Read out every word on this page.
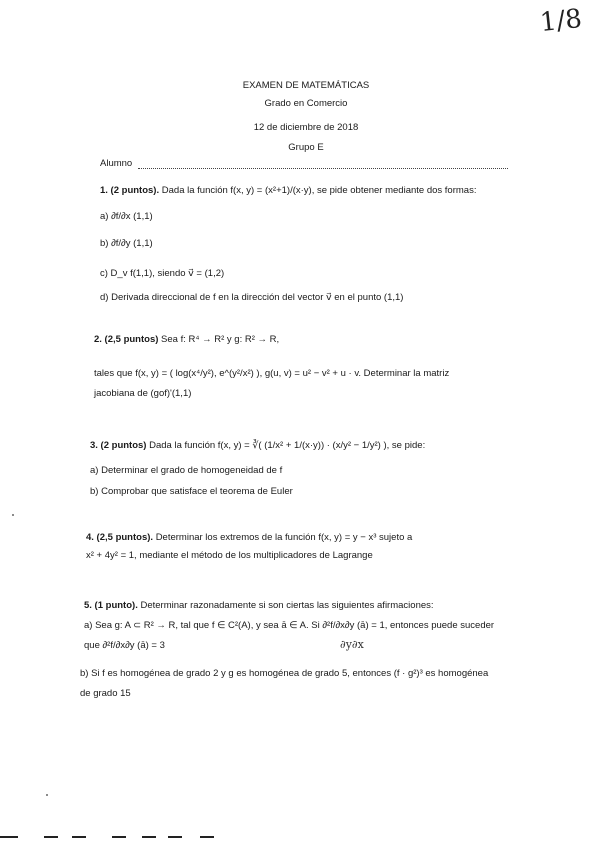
1/8
EXAMEN DE MATEMÁTICAS
Grado en Comercio
12 de diciembre de 2018
Grupo E
Alumno
1. (2 puntos). Dada la función f(x, y) = (x²+1)/(x·y), se pide obtener mediante dos formas:
a) ∂f/∂x (1,1)
b) ∂f/∂y (1,1)
c) D_v f(1,1), siendo v⃗ = (1,2)
d) Derivada direccional de f en la dirección del vector v⃗ en el punto (1,1)
2. (2,5 puntos) Sea f: R⁴ → R² y g: R² → R,
tales que f(x, y) = ( log(x⁴/y²), e^(y²/x²) ), g(u, v) = u² − v² + u · v. Determinar la matriz
jacobiana de (gof)'(1,1)
3. (2 puntos) Dada la función f(x, y) = ∛( (1/x² + 1/(x·y)) · (x/y² − 1/y²) ), se pide:
a) Determinar el grado de homogeneidad de f
b) Comprobar que satisface el teorema de Euler
4. (2,5 puntos). Determinar los extremos de la función f(x, y) = y − x³ sujeto a
x² + 4y² = 1, mediante el método de los multiplicadores de Lagrange
5. (1 punto). Determinar razonadamente si son ciertas las siguientes afirmaciones:
a) Sea g: A ⊂ R² → R, tal que f ∈ C²(A), y sea ā ∈ A. Si ∂²f/∂x∂y (ā) = 1, entonces puede suceder
que ∂²f/∂x∂y (ā) = 3	∂y∂x
b) Si f es homogénea de grado 2 y g es homogénea de grado 5, entonces (f · g²)³ es homogénea
de grado 15
